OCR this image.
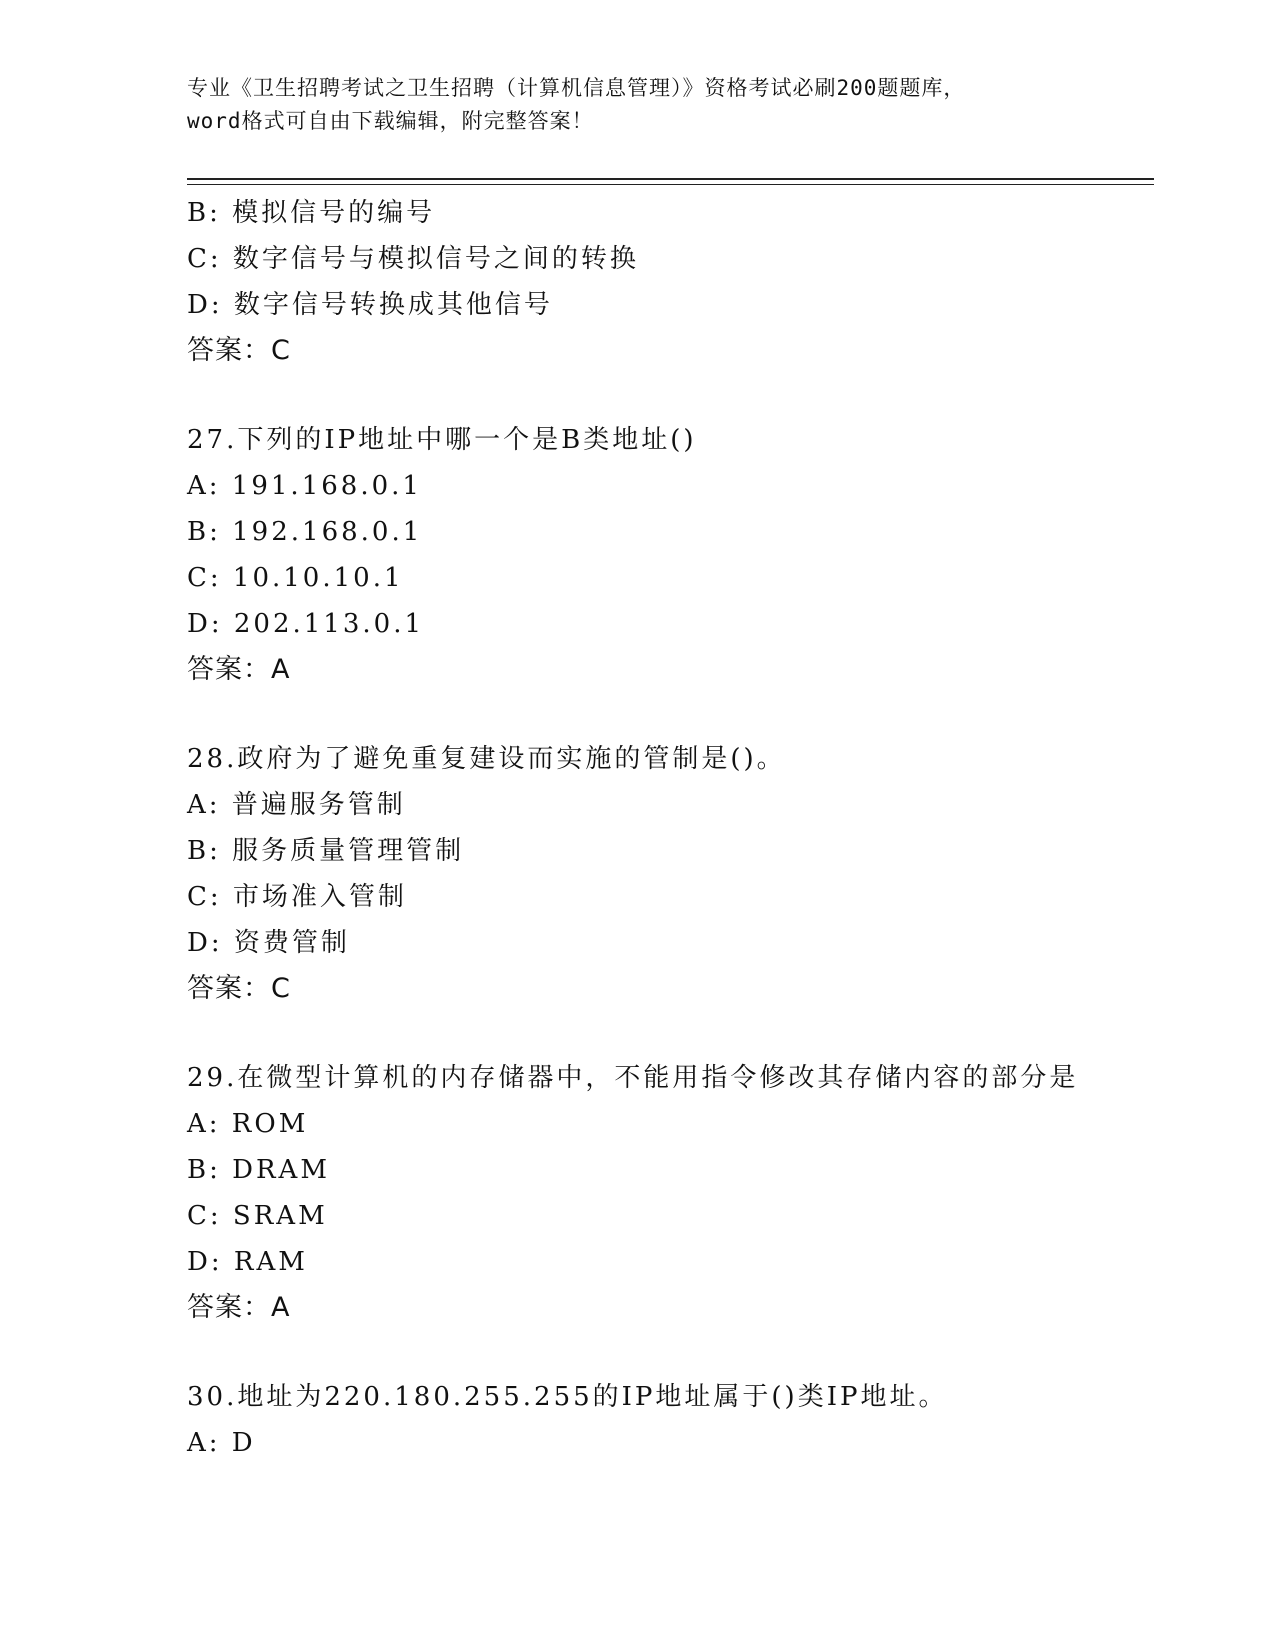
专业《卫生招聘考试之卫生招聘（计算机信息管理）》资格考试必刷200题题库，
word格式可自由下载编辑，附完整答案！
B: 模拟信号的编号
C: 数字信号与模拟信号之间的转换
D: 数字信号转换成其他信号
答案：C
27.下列的IP地址中哪一个是B类地址()
A: 191.168.0.1
B: 192.168.0.1
C: 10.10.10.1
D: 202.113.0.1
答案：A
28.政府为了避免重复建设而实施的管制是()。
A: 普遍服务管制
B: 服务质量管理管制
C: 市场准入管制
D: 资费管制
答案：C
29.在微型计算机的内存储器中，不能用指令修改其存储内容的部分是
A: ROM
B: DRAM
C: SRAM
D: RAM
答案：A
30.地址为220.180.255.255的IP地址属于()类IP地址。
A: D
